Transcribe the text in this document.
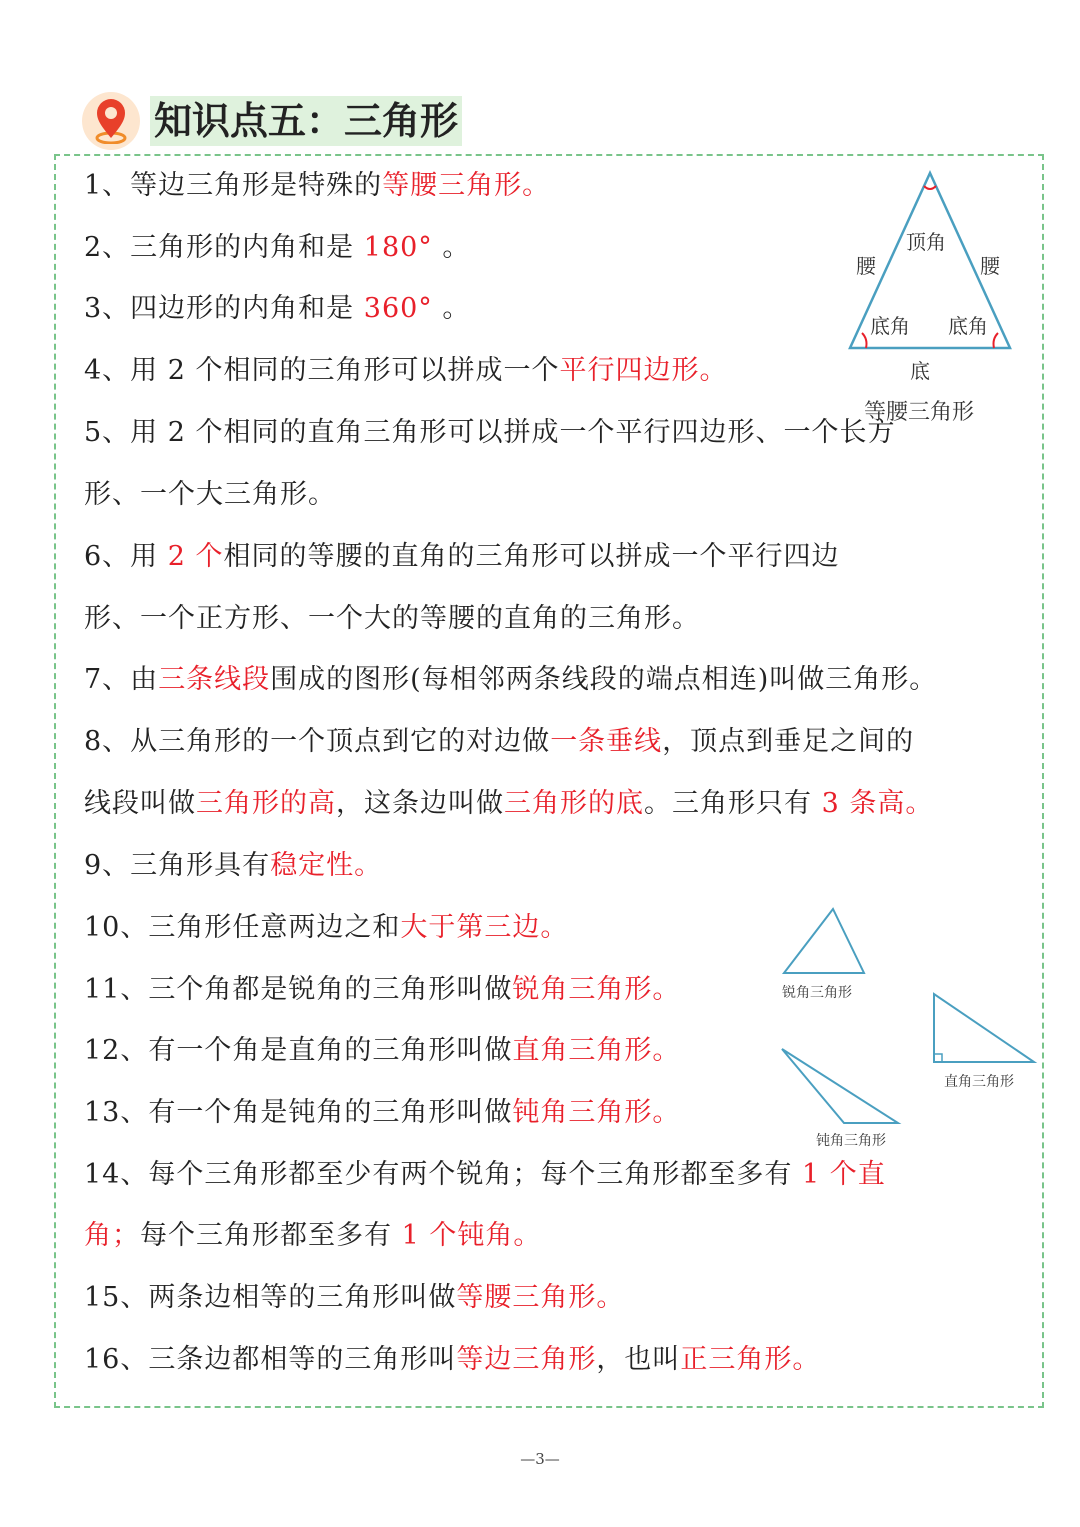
知识点五：三角形
1、等边三角形是特殊的等腰三角形。
2、三角形的内角和是 180° 。
3、四边形的内角和是 360° 。
4、用 2 个相同的三角形可以拼成一个平行四边形。
5、用 2 个相同的直角三角形可以拼成一个平行四边形、一个长方
形、一个大三角形。
6、用 2 个相同的等腰的直角的三角形可以拼成一个平行四边
形、一个正方形、一个大的等腰的直角的三角形。
7、由三条线段围成的图形(每相邻两条线段的端点相连)叫做三角形。
8、从三角形的一个顶点到它的对边做一条垂线，顶点到垂足之间的
线段叫做三角形的高，这条边叫做三角形的底。三角形只有 3 条高。
9、三角形具有稳定性。
10、三角形任意两边之和大于第三边。
11、三个角都是锐角的三角形叫做锐角三角形。
12、有一个角是直角的三角形叫做直角三角形。
13、有一个角是钝角的三角形叫做钝角三角形。
14、每个三角形都至少有两个锐角；每个三角形都至多有 1 个直
角；每个三角形都至多有 1 个钝角。
15、两条边相等的三角形叫做等腰三角形。
16、三条边都相等的三角形叫等边三角形，也叫正三角形。
顶角
腰	腰
底角 底角
底
等腰三角形
锐角三角形
直角三角形
钝角三角形
—3—
